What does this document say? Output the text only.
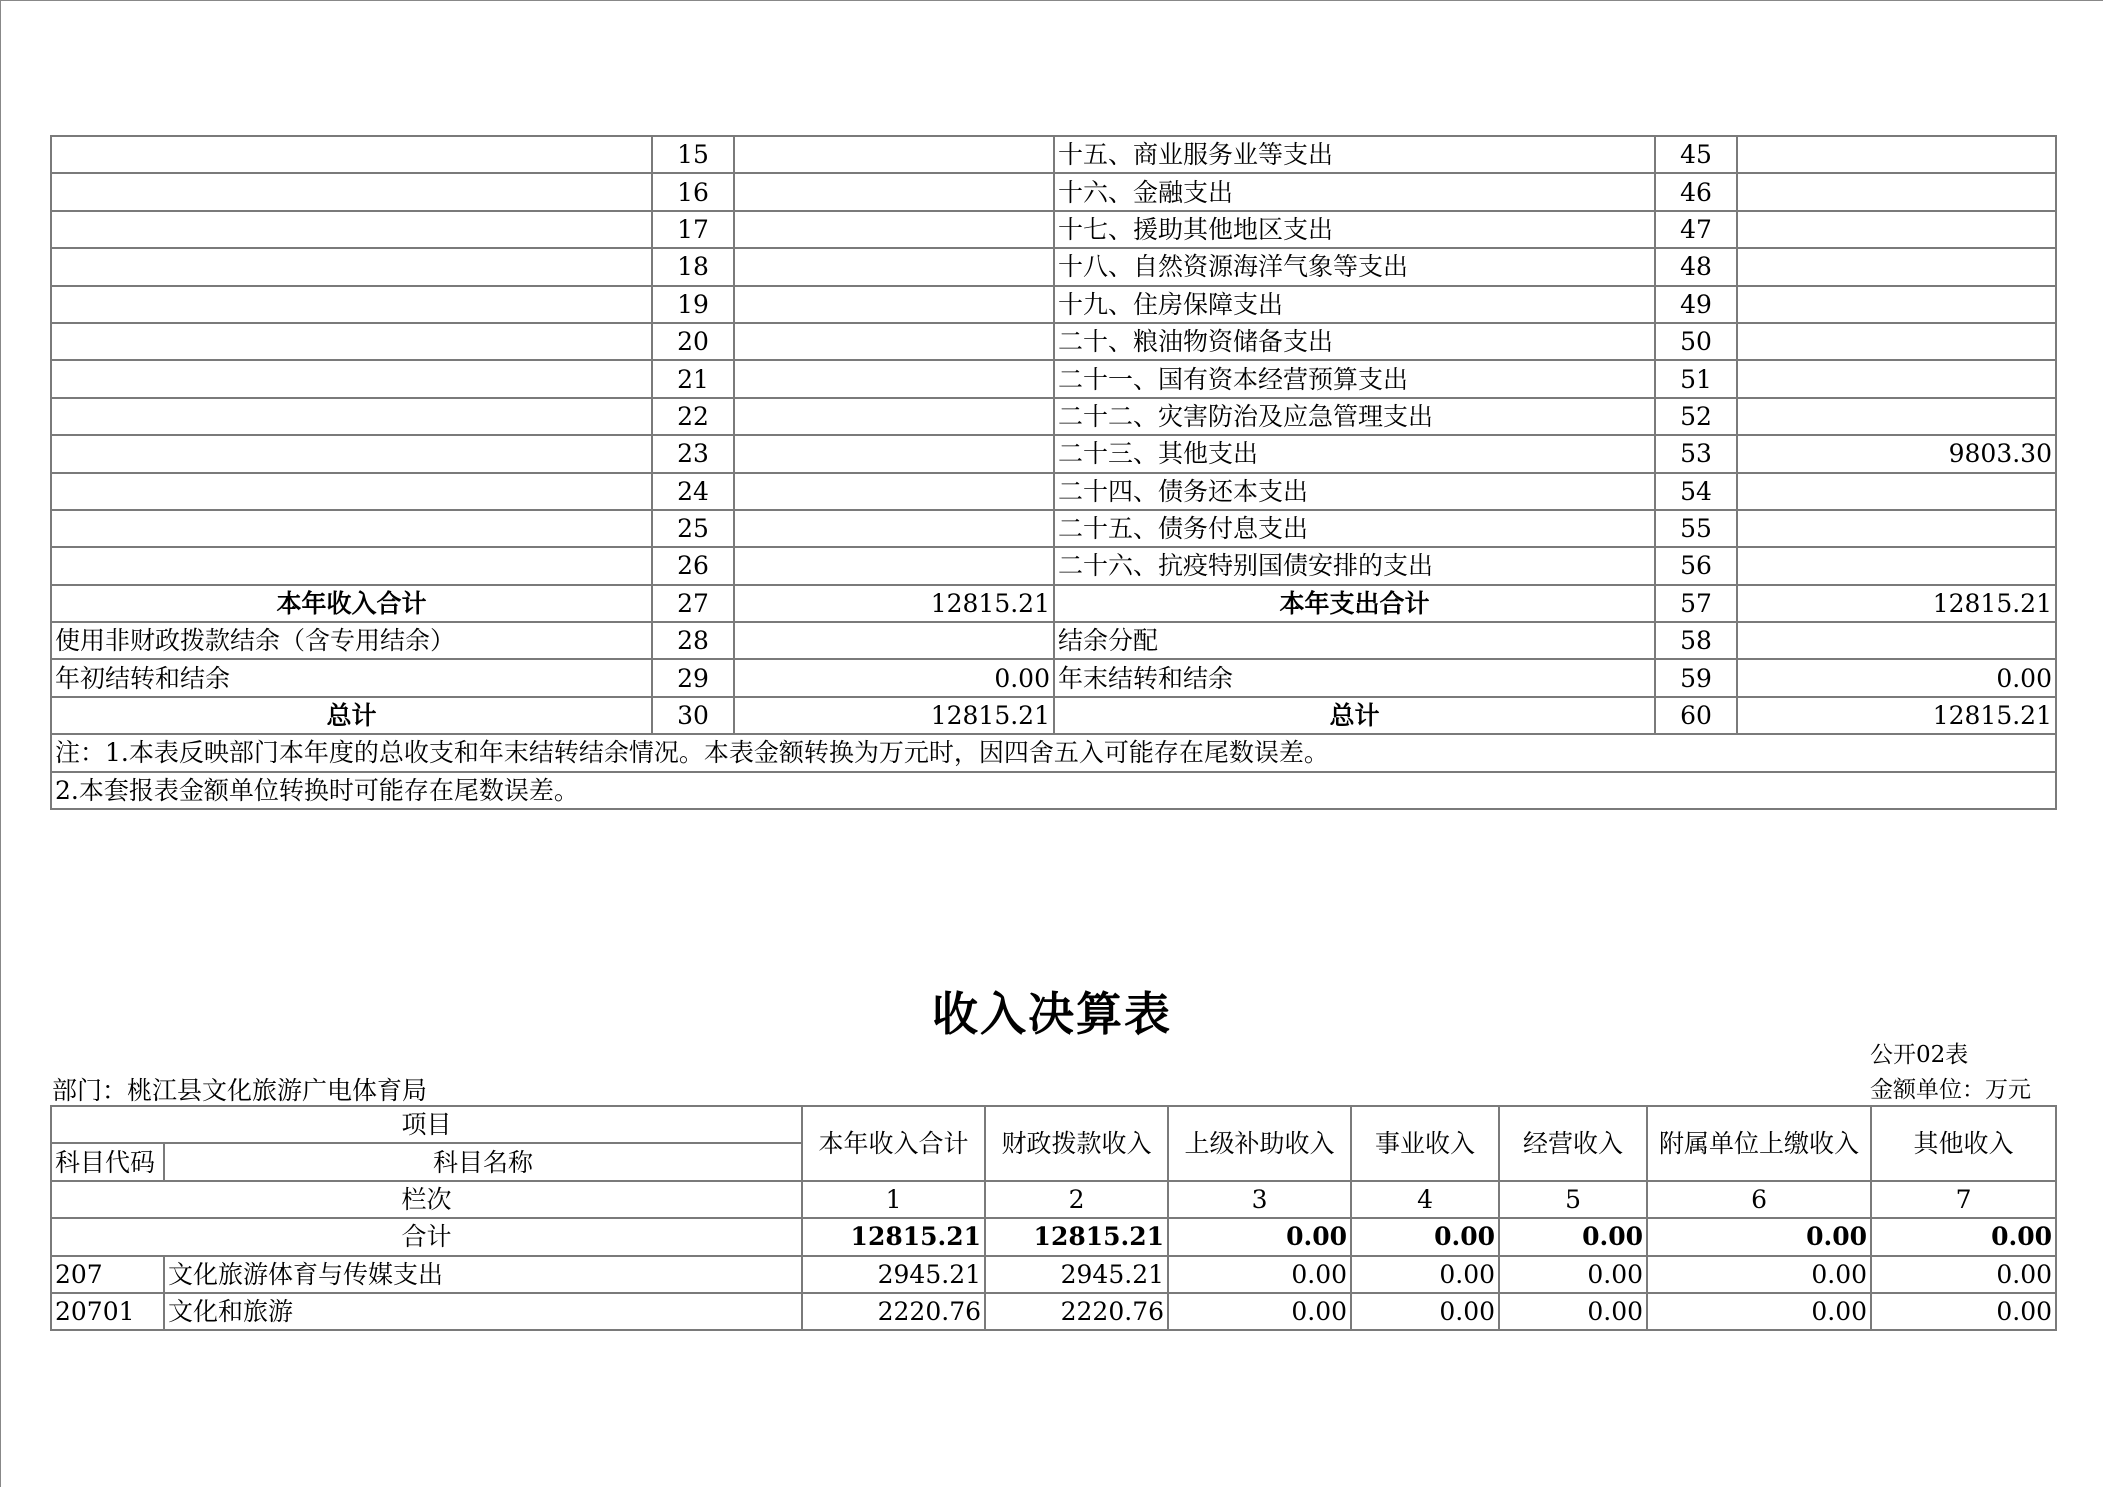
	15		十五、商业服务业等支出	45	
	16		十六、金融支出	46	
	17		十七、援助其他地区支出	47	
	18		十八、自然资源海洋气象等支出	48	
	19		十九、住房保障支出	49	
	20		二十、粮油物资储备支出	50	
	21		二十一、国有资本经营预算支出	51	
	22		二十二、灾害防治及应急管理支出	52	
	23		二十三、其他支出	53	9803.30
	24		二十四、债务还本支出	54	
	25		二十五、债务付息支出	55	
	26		二十六、抗疫特别国债安排的支出	56	
本年收入合计	27	12815.21	本年支出合计	57	12815.21
使用非财政拨款结余（含专用结余）	28		结余分配	58	
年初结转和结余	29	0.00	年末结转和结余	59	0.00
总计	30	12815.21	总计	60	12815.21
注：1.本表反映部门本年度的总收支和年末结转结余情况。本表金额转换为万元时，因四舍五入可能存在尾数误差。					
2.本套报表金额单位转换时可能存在尾数误差。					
收入决算表
公开02表
部门：桃江县文化旅游广电体育局	金额单位：万元
项目		本年收入合计	财政拨款收入	上级补助收入	事业收入	经营收入	附属单位上缴收入	其他收入
科目代码	科目名称							
栏次		1	2	3	4	5	6	7
合计		12815.21	12815.21	0.00	0.00	0.00	0.00	0.00
207	文化旅游体育与传媒支出	2945.21	2945.21	0.00	0.00	0.00	0.00	0.00
20701	文化和旅游	2220.76	2220.76	0.00	0.00	0.00	0.00	0.00
